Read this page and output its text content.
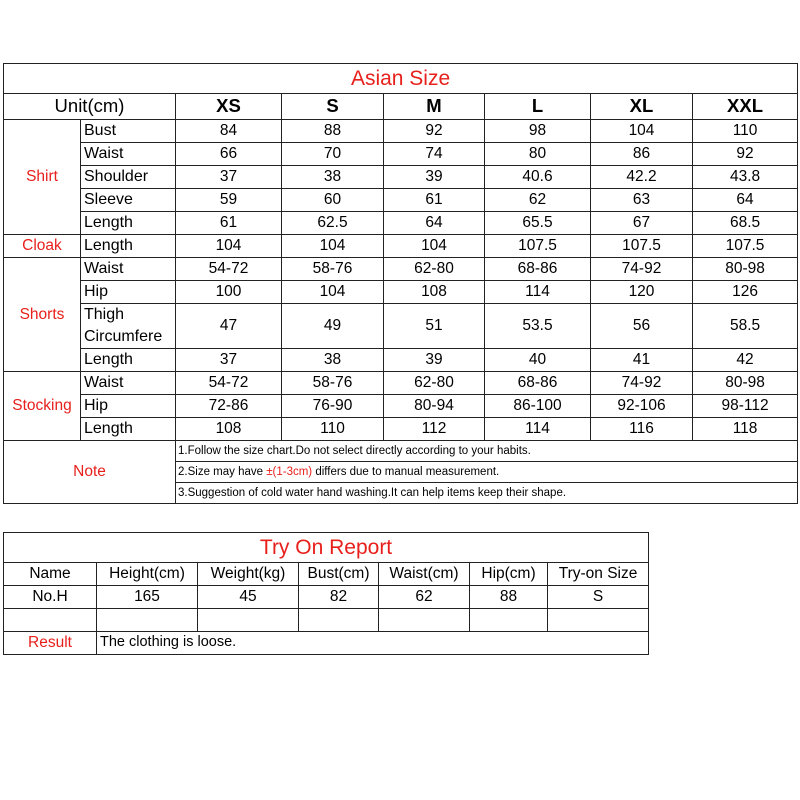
Asian Size							
Unit(cm)		XS	S	M	L	XL	XXL
Shirt	Bust	84	88	92	98	104	110
	Waist	66	70	74	80	86	92
	Shoulder	37	38	39	40.6	42.2	43.8
	Sleeve	59	60	61	62	63	64
	Length	61	62.5	64	65.5	67	68.5
Cloak	Length	104	104	104	107.5	107.5	107.5
Shorts	Waist	54-72	58-76	62-80	68-86	74-92	80-98
	Hip	100	104	108	114	120	126
	Thigh Circumfere	47	49	51	53.5	56	58.5
	Length	37	38	39	40	41	42
Stocking	Waist	54-72	58-76	62-80	68-86	74-92	80-98
	Hip	72-86	76-90	80-94	86-100	92-106	98-112
	Length	108	110	112	114	116	118
Note		1.Follow the size chart.Do not select directly according to your habits.					
		2.Size may have ±(1-3cm) differs due to manual measurement.					
		3.Suggestion of cold water hand washing.It can help items keep their shape.					
Try On Report						
Name	Height(cm)	Weight(kg)	Bust(cm)	Waist(cm)	Hip(cm)	Try-on Size
No.H	165	45	82	62	88	S

Result	The clothing is loose.					
